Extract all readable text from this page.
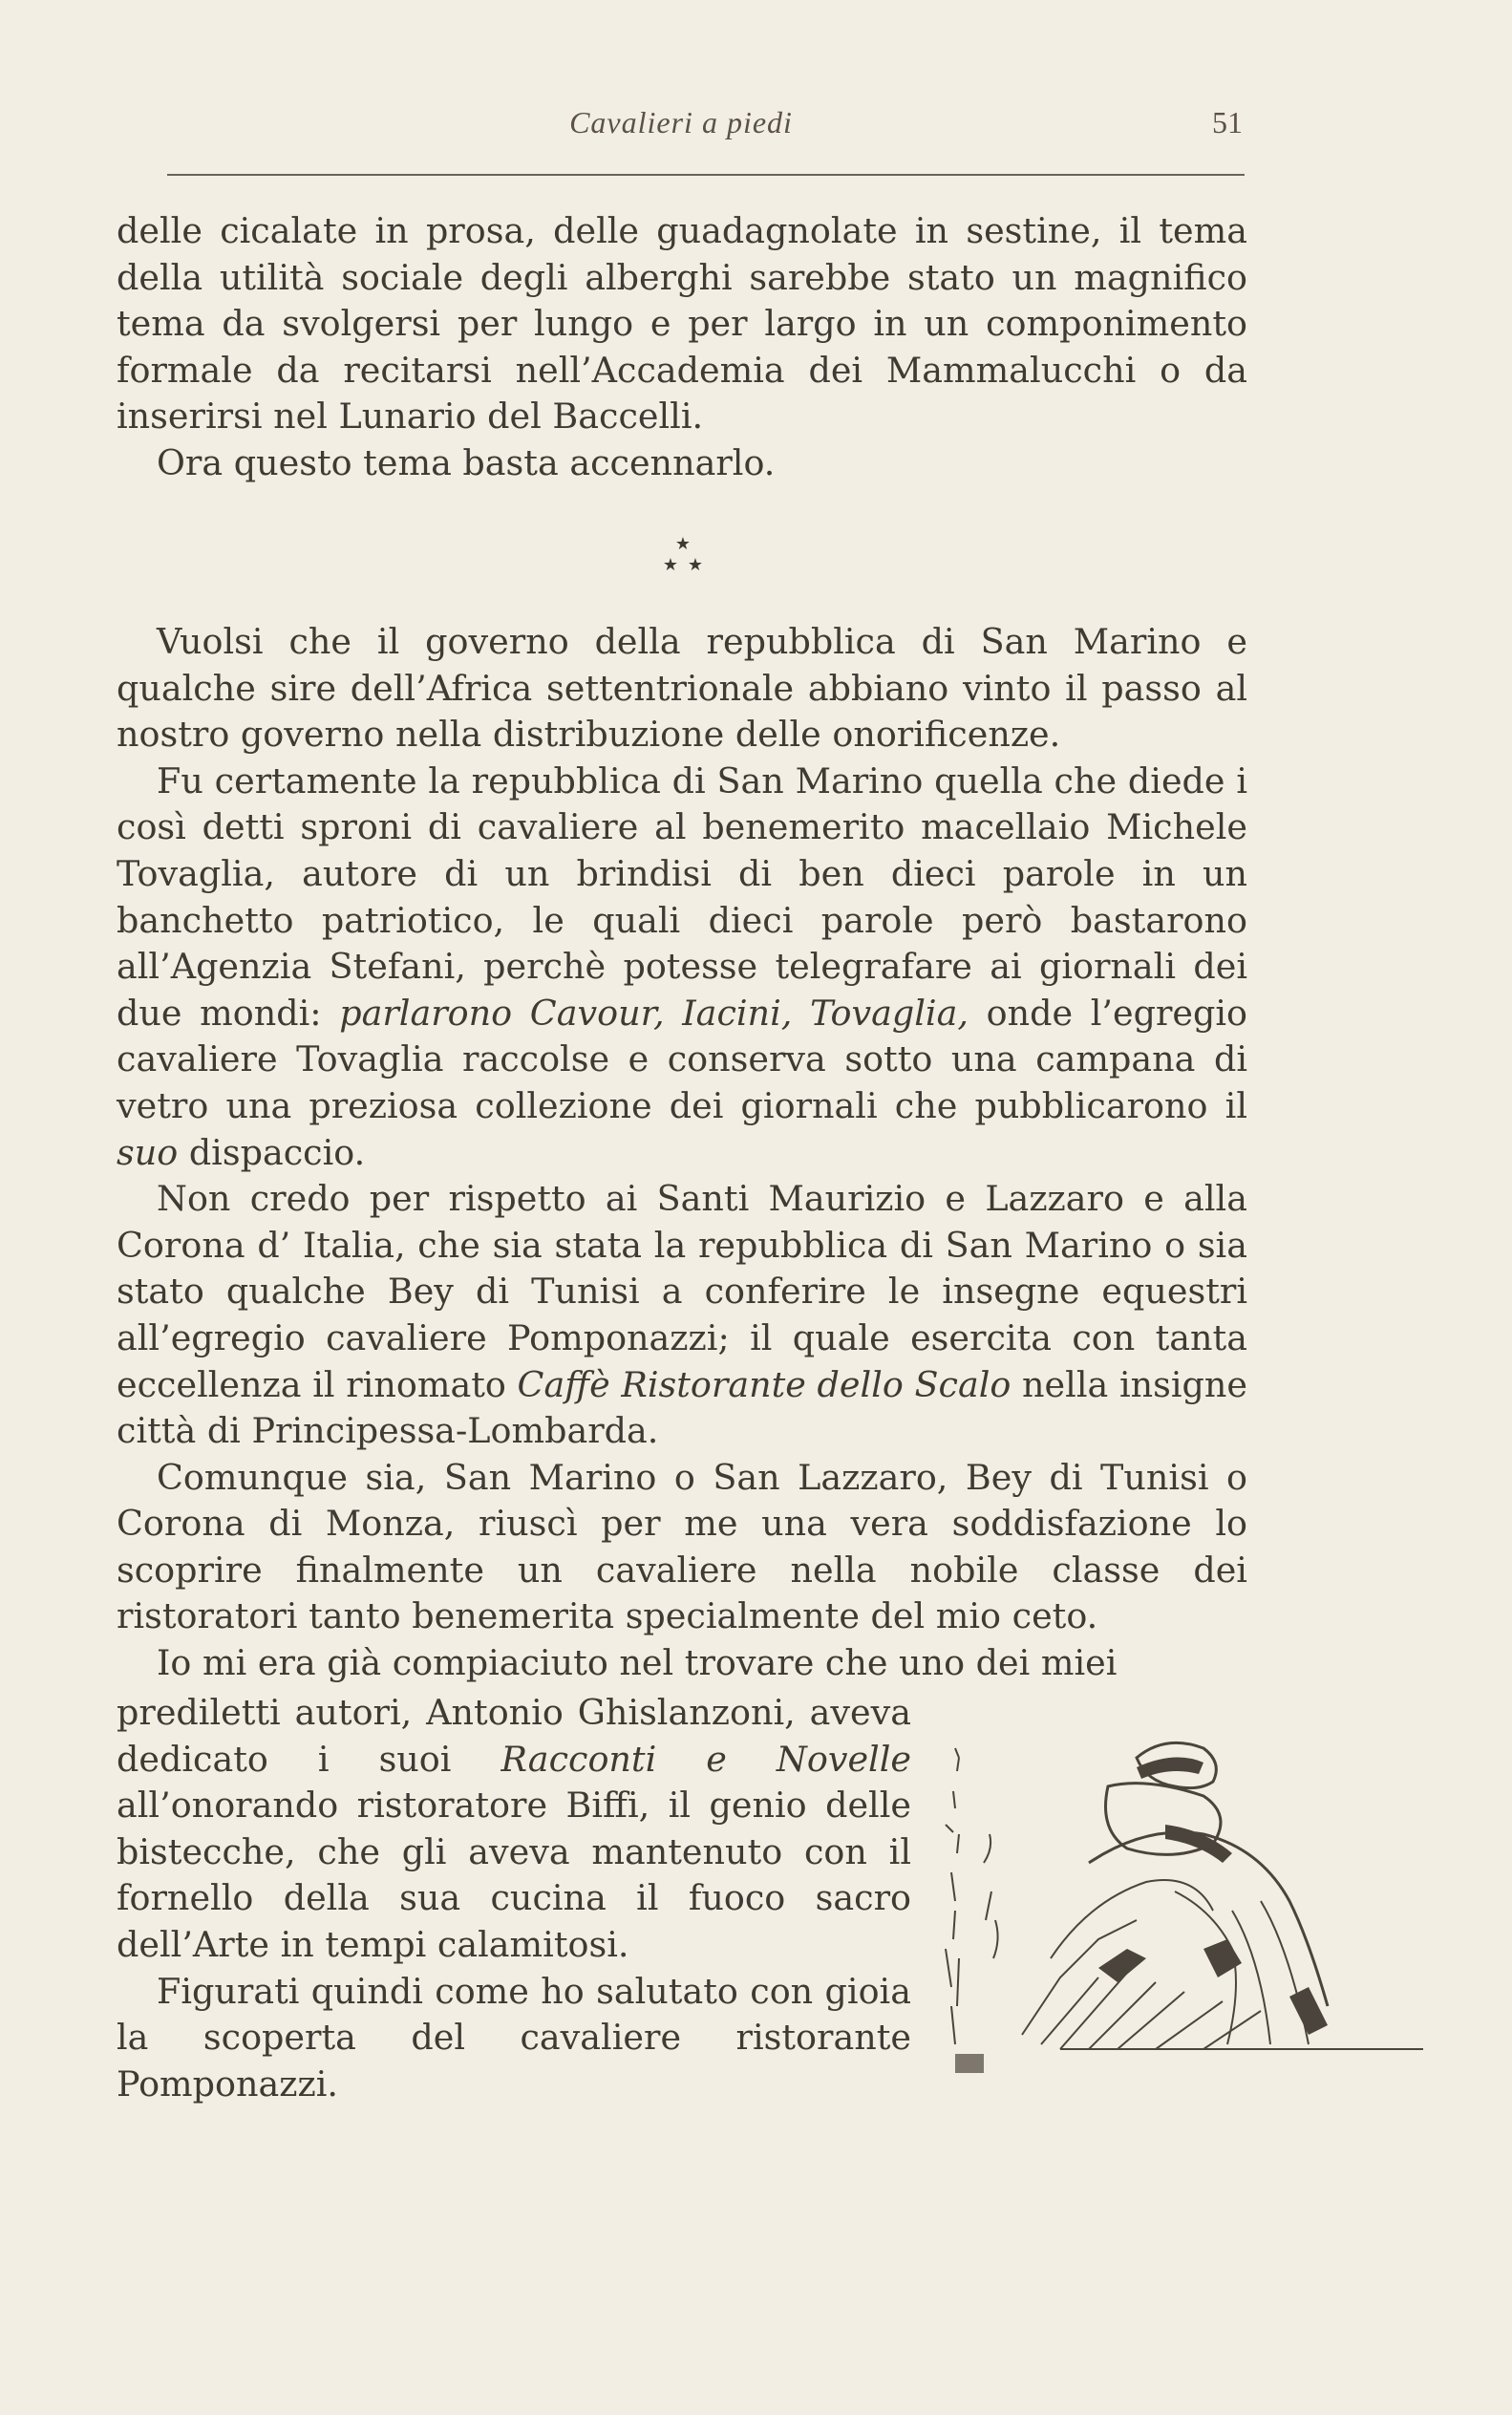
Cavalieri a piedi	51

delle cicalate in prosa, delle guadagnolate in sestine, il tema della utilità sociale degli alberghi sarebbe stato un magnifico tema da svolgersi per lungo e per largo in un componimento formale da recitarsi nell’Accademia dei Mammalucchi o da inserirsi nel Lunario del Baccelli.

Ora questo tema basta accennarlo.

★
★ ★

Vuolsi che il governo della repubblica di San Marino e qualche sire dell’Africa settentrionale abbiano vinto il passo al nostro governo nella distribuzione delle onorificenze.

Fu certamente la repubblica di San Marino quella che diede i così detti sproni di cavaliere al benemerito macellaio Michele Tovaglia, autore di un brindisi di ben dieci parole in un banchetto patriotico, le quali dieci parole però bastarono all’Agenzia Stefani, perchè potesse telegrafare ai giornali dei due mondi: parlarono Cavour, Iacini, Tovaglia, onde l’egregio cavaliere Tovaglia raccolse e conserva sotto una campana di vetro una preziosa collezione dei giornali che pubblicarono il suo dispaccio.

Non credo per rispetto ai Santi Maurizio e Lazzaro e alla Corona d’ Italia, che sia stata la repubblica di San Marino o sia stato qualche Bey di Tunisi a conferire le insegne equestri all’egregio cavaliere Pomponazzi; il quale esercita con tanta eccellenza il rinomato Caffè Ristorante dello Scalo nella insigne città di Principessa-Lombarda.

Comunque sia, San Marino o San Lazzaro, Bey di Tunisi o Corona di Monza, riuscì per me una vera soddisfazione lo scoprire finalmente un cavaliere nella nobile classe dei ristoratori tanto benemerita specialmente del mio ceto.

Io mi era già compiaciuto nel trovare che uno dei miei

prediletti autori, Antonio Ghislanzoni, aveva dedicato i suoi Racconti e Novelle all’onorando ristoratore Biffi, il genio delle bistecche, che gli aveva mantenuto con il fornello della sua cucina il fuoco sacro dell’Arte in tempi calamitosi.

Figurati quindi come ho salutato con gioia la scoperta del cavaliere ristorante Pomponazzi.
